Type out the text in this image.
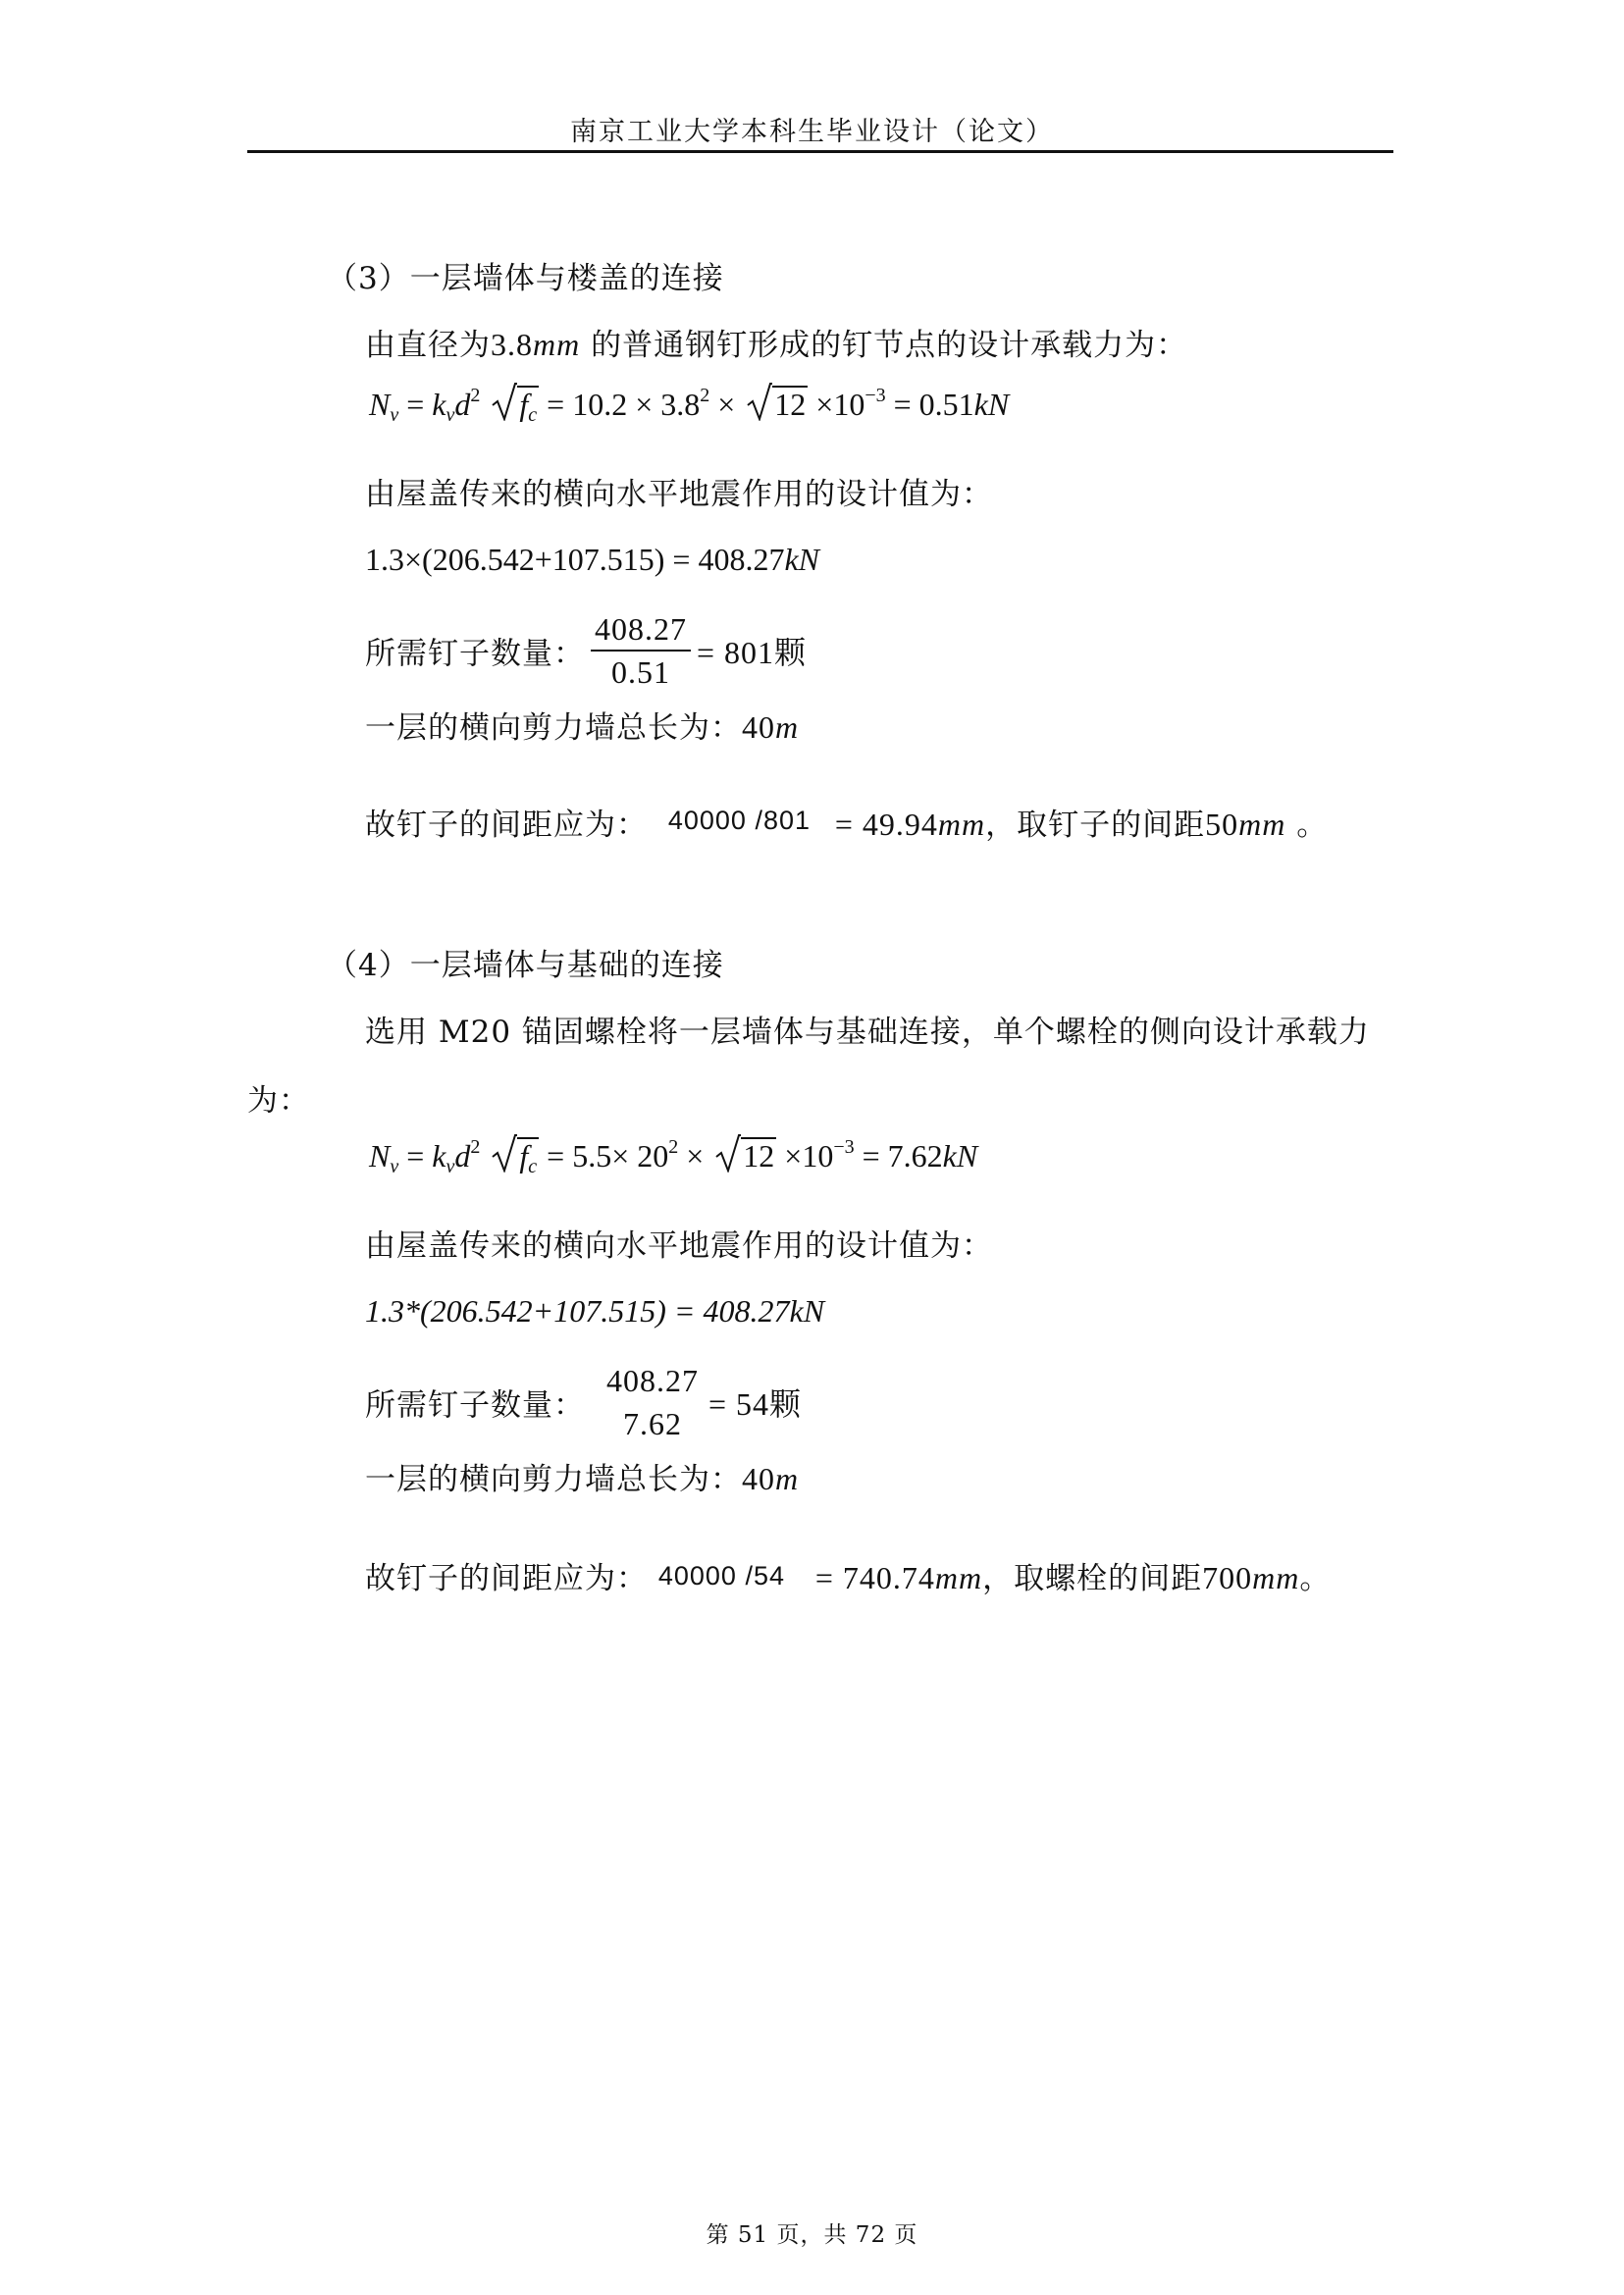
南京工业大学本科生毕业设计（论文）
（3）一层墙体与楼盖的连接
由直径为3.8mm 的普通钢钉形成的钉节点的设计承载力为：
$N_v = k_vd^2$ $f_c = 10.2 \times 3.8^2$ ×
$12 \times 10^{-3} = 0.51kN$
由屋盖传来的横向水平地震作用的设计值为：
1.3×(206.542+107.515) = 408.27kN
所需钉子数量： $\frac{408.27}{0.51} = 801$颗
一层的横向剪力墙总长为：40m
故钉子的间距应为： 40000 /801 = 49.94mm，取钉子的间距50mm 。
（4）一层墙体与基础的连接
选用 M20 锚固螺栓将一层墙体与基础连接，单个螺栓的侧向设计承载力
为：
$N_v = k_vd^2$ $f_c = 5.5\times 20^2$ ×
$12 \times 10^{-3} = 7.62kN$
由屋盖传来的横向水平地震作用的设计值为：
1.3*(206.542+107.515) = 408.27kN
所需钉子数量：
408.27
7.62
= 54颗
一层的横向剪力墙总长为：40m
故钉子的间距应为： 40000 /54 = 740.74mm，取螺栓的间距700mm。
第 51 页，共 72 页
